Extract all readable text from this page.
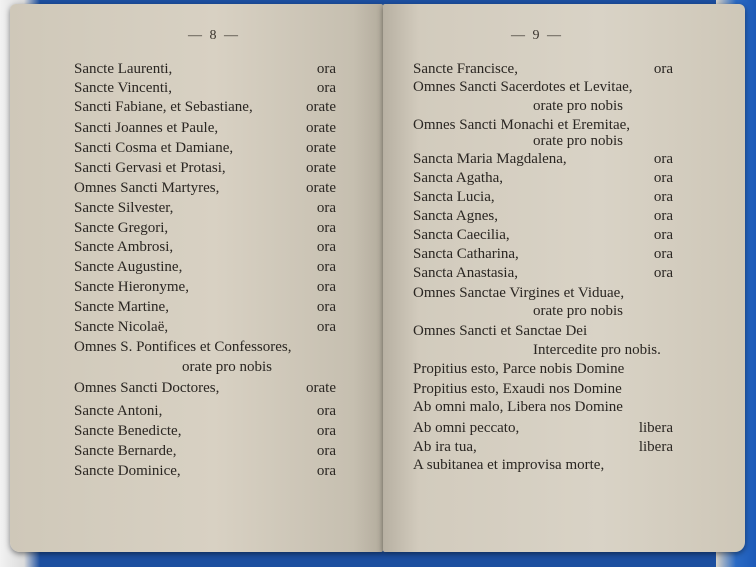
— 8 —
Sancte Laurenti,	ora
Sancte Vincenti,	ora
Sancti Fabiane, et Sebastiane,	orate
Sancti Joannes et Paule,	orate
Sancti Cosma et Damiane,	orate
Sancti Gervasi et Protasi,	orate
Omnes Sancti Martyres,	orate
Sancte Silvester,	ora
Sancte Gregori,	ora
Sancte Ambrosi,	ora
Sancte Augustine,	ora
Sancte Hieronyme,	ora
Sancte Martine,	ora
Sancte Nicolaë,	ora
Omnes S. Pontifices et Confessores,
orate pro nobis
Omnes Sancti Doctores,	orate
Sancte Antoni,	ora
Sancte Benedicte,	ora
Sancte Bernarde,	ora
Sancte Dominice,	ora
— 9 —
Sancte Francisce,	ora
Omnes Sancti Sacerdotes et Levitae,
orate pro nobis
Omnes Sancti Monachi et Eremitae,
orate pro nobis
Sancta Maria Magdalena,	ora
Sancta Agatha,	ora
Sancta Lucia,	ora
Sancta Agnes,	ora
Sancta Caecilia,	ora
Sancta Catharina,	ora
Sancta Anastasia,	ora
Omnes Sanctae Virgines et Viduae,
orate pro nobis
Omnes Sancti et Sanctae Dei
Intercedite pro nobis.
Propitius esto, Parce nobis Domine
Propitius esto, Exaudi nos Domine
Ab omni malo, Libera nos Domine
Ab omni peccato,	libera
Ab ira tua,	libera
A subitanea et improvisa morte,
